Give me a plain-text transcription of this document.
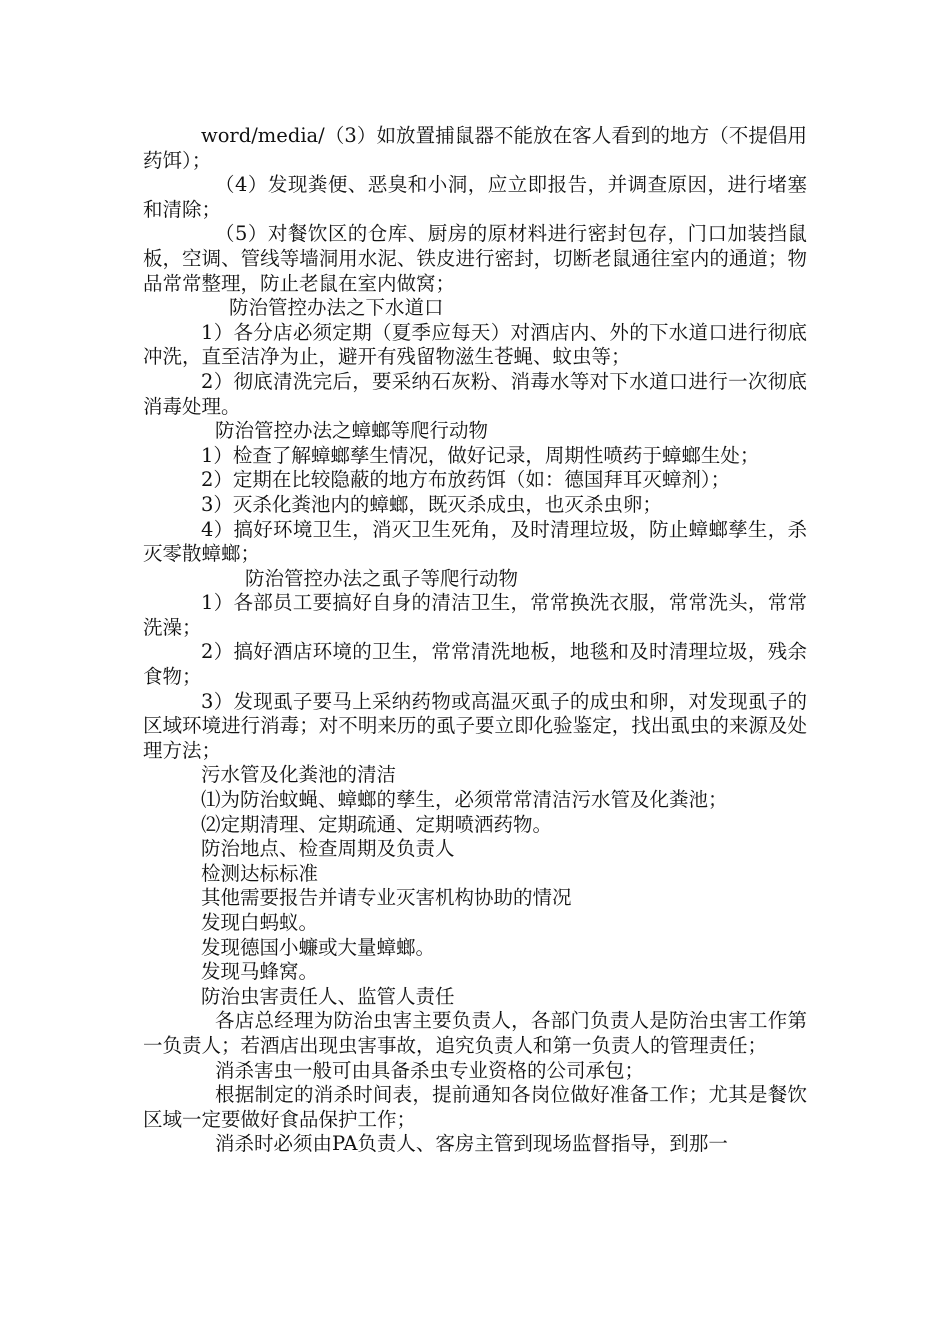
word/media/（3）如放置捕鼠器不能放在客人看到的地方（不提倡用药饵）；

（4）发现粪便、恶臭和小洞，应立即报告，并调查原因，进行堵塞和清除；

（5）对餐饮区的仓库、厨房的原材料进行密封包存，门口加装挡鼠板，空调、管线等墙洞用水泥、铁皮进行密封，切断老鼠通往室内的通道；物品常常整理，防止老鼠在室内做窝；

防治管控办法之下水道口

1）各分店必须定期（夏季应每天）对酒店内、外的下水道口进行彻底冲洗，直至洁净为止，避开有残留物滋生苍蝇、蚊虫等；

2）彻底清洗完后，要采纳石灰粉、消毒水等对下水道口进行一次彻底消毒处理。

防治管控办法之蟑螂等爬行动物

1）检查了解蟑螂孳生情况，做好记录，周期性喷药于蟑螂生处；

2）定期在比较隐蔽的地方布放药饵（如：德国拜耳灭蟑剂）；

3）灭杀化粪池内的蟑螂，既灭杀成虫，也灭杀虫卵；

4）搞好环境卫生，消灭卫生死角，及时清理垃圾，防止蟑螂孳生，杀灭零散蟑螂；

防治管控办法之虱子等爬行动物

1）各部员工要搞好自身的清洁卫生，常常换洗衣服，常常洗头，常常洗澡；

2）搞好酒店环境的卫生，常常清洗地板，地毯和及时清理垃圾，残余食物；

3）发现虱子要马上采纳药物或高温灭虱子的成虫和卵，对发现虱子的区域环境进行消毒；对不明来历的虱子要立即化验鉴定，找出虱虫的来源及处理方法；

污水管及化粪池的清洁

⑴为防治蚊蝇、蟑螂的孳生，必须常常清洁污水管及化粪池；

⑵定期清理、定期疏通、定期喷洒药物。

防治地点、检查周期及负责人

检测达标标准

其他需要报告并请专业灭害机构协助的情况

发现白蚂蚁。

发现德国小蠊或大量蟑螂。

发现马蜂窝。

防治虫害责任人、监管人责任

各店总经理为防治虫害主要负责人，各部门负责人是防治虫害工作第一负责人；若酒店出现虫害事故，追究负责人和第一负责人的管理责任；

消杀害虫一般可由具备杀虫专业资格的公司承包；

根据制定的消杀时间表，提前通知各岗位做好准备工作；尤其是餐饮区域一定要做好食品保护工作；

消杀时必须由PA负责人、客房主管到现场监督指导，到那一
